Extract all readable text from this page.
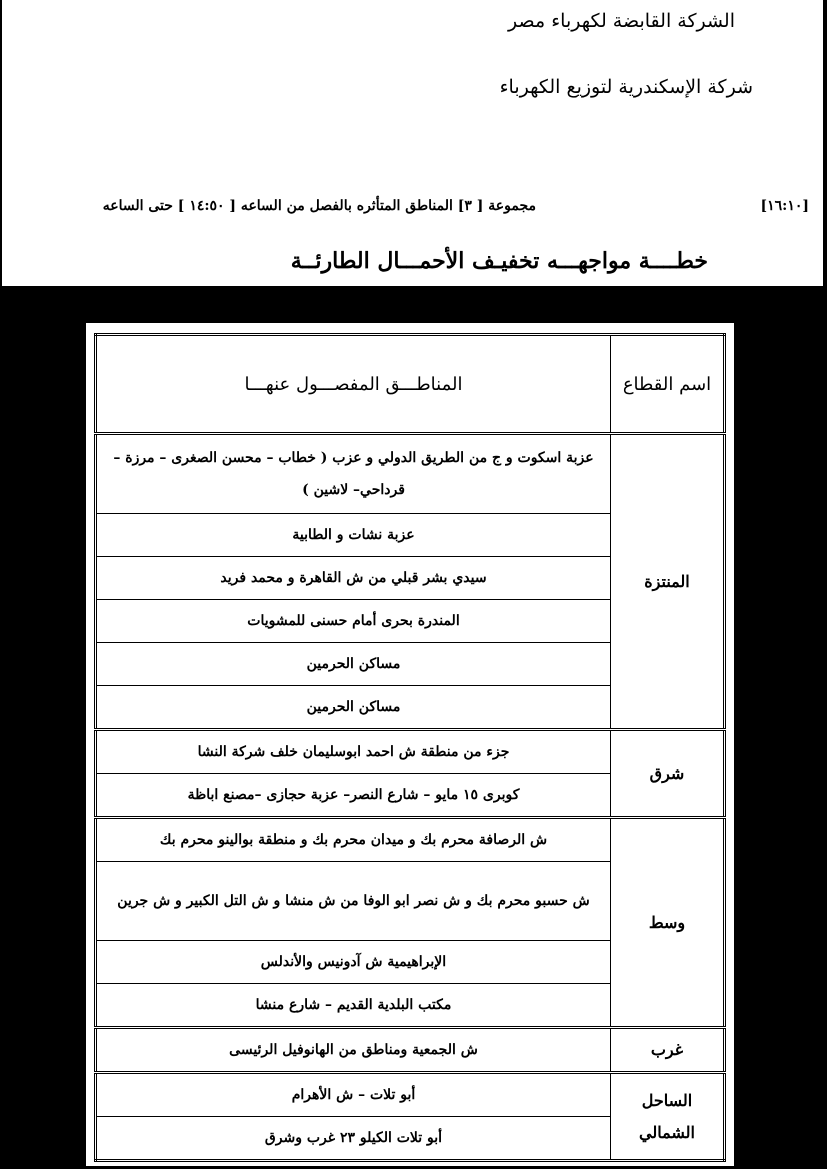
الشركة القابضة لكهرباء مصر
شركة الإسكندرية لتوزيع الكهرباء
مجموعة [ ٣] المناطق المتأثره بالفصل من الساعه [ ١٤:٥٠ ] حتى الساعه	[١٦:١٠]
خطــــة مواجهـــه تخفيـف الأحمـــال الطارئــة
اسم القطاع	المناطـــق المفصـــول عنهـــا
المنتزة	عزبة اسكوت و ج من الطريق الدولي و عزب ( خطاب – محسن الصغرى – مرزة – قرداحي– لاشين )
	عزبة نشات و الطابية
	سيدي بشر قبلي من ش القاهرة و محمد فريد
	المندرة بحرى أمام حسنى للمشويات
	مساكن الحرمين
	مساكن الحرمين
شرق	جزء من منطقة ش احمد ابوسليمان خلف شركة النشا
	كوبرى ١٥ مايو – شارع النصر– عزبة حجازى –مصنع اباظة
وسط	ش الرصافة محرم بك و ميدان محرم بك و منطقة بوالينو محرم بك
	ش حسبو محرم بك و ش نصر ابو الوفا من ش منشا و ش التل الكبير و ش جرين
	الإبراهيمية ش آدونيس والأندلس
	مكتب البلدية القديم – شارع منشا
غرب	ش الجمعية ومناطق من الهانوفيل الرئيسى
الساحل الشمالي	أبو تلات – ش الأهرام
	أبو تلات الكيلو ٢٣ غرب وشرق
